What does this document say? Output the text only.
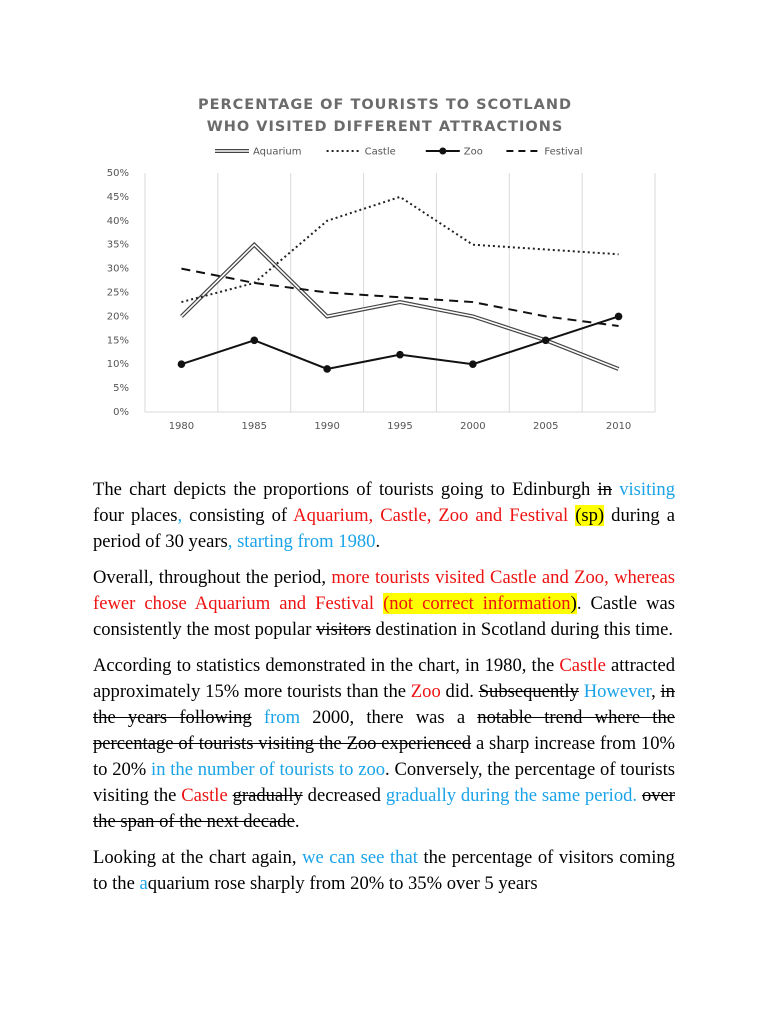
PERCENTAGE OF TOURISTS TO SCOTLAND
WHO VISITED DIFFERENT ATTRACTIONS
Aquarium	Castle	Zoo	Festival
0%
5%
10%
15%
20%
25%
30%
35%
40%
45%
50%
1980	1985	1990	1995	2000	2005	2010

The chart depicts the proportions of tourists going to Edinburgh in visiting four places, consisting of Aquarium, Castle, Zoo and Festival (sp) during a period of 30 years, starting from 1980.

Overall, throughout the period, more tourists visited Castle and Zoo, whereas fewer chose Aquarium and Festival (not correct information). Castle was consistently the most popular visitors destination in Scotland during this time.

According to statistics demonstrated in the chart, in 1980, the Castle attracted approximately 15% more tourists than the Zoo did. Subsequently However, in the years following from 2000, there was a notable trend where the percentage of tourists visiting the Zoo experienced a sharp increase from 10% to 20% in the number of tourists to zoo. Conversely, the percentage of tourists visiting the Castle gradually decreased gradually during the same period. over the span of the next decade.

Looking at the chart again, we can see that the percentage of visitors coming to the aquarium rose sharply from 20% to 35% over 5 years
